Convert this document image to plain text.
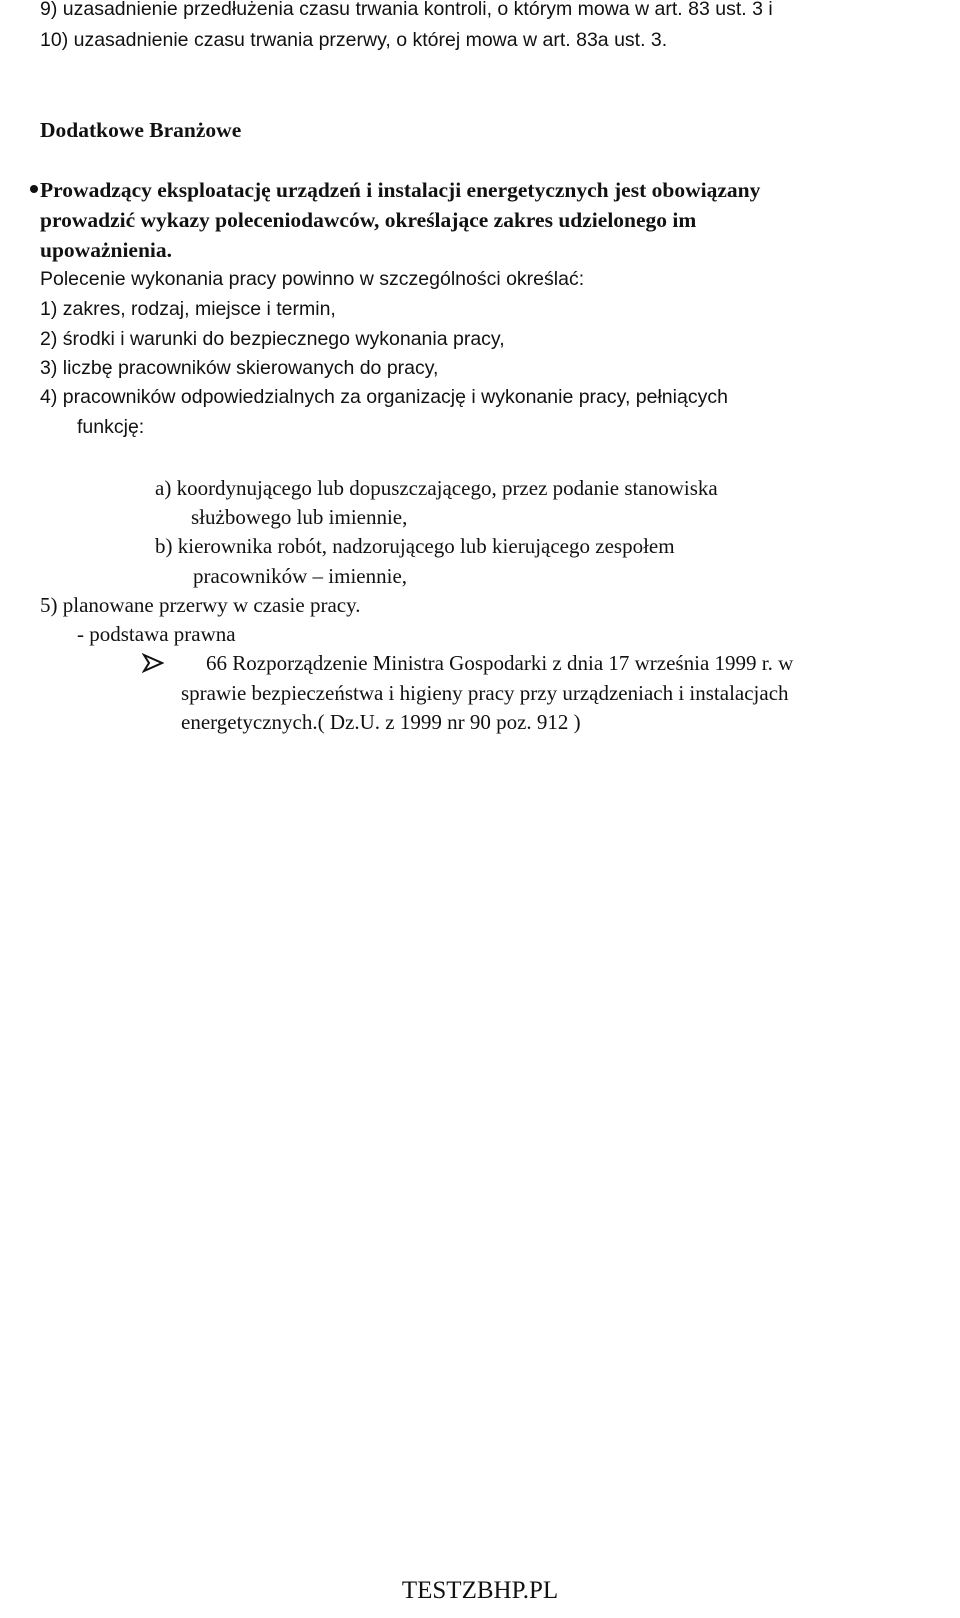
9) uzasadnienie przedłużenia czasu trwania kontroli, o którym mowa w art. 83 ust. 3 i
10) uzasadnienie czasu trwania przerwy, o której mowa w art. 83a ust. 3.
Dodatkowe Branżowe
Prowadzący eksploatację urządzeń i instalacji energetycznych jest obowiązany
prowadzić wykazy poleceniodawców, określające zakres udzielonego im
upoważnienia.
Polecenie wykonania pracy powinno w szczególności określać:
1) zakres, rodzaj, miejsce i termin,
2) środki i warunki do bezpiecznego wykonania pracy,
3) liczbę pracowników skierowanych do pracy,
4) pracowników odpowiedzialnych za organizację i wykonanie pracy, pełniących
funkcję:
a) koordynującego lub dopuszczającego, przez podanie stanowiska
służbowego lub imiennie,
b) kierownika robót, nadzorującego lub kierującego zespołem
pracowników – imiennie,
5) planowane przerwy w czasie pracy.
- podstawa prawna
66 Rozporządzenie Ministra Gospodarki z dnia 17 września 1999 r. w
sprawie bezpieczeństwa i higieny pracy przy urządzeniach i instalacjach
energetycznych.( Dz.U. z 1999 nr 90 poz. 912 )
TESTZBHP.PL
